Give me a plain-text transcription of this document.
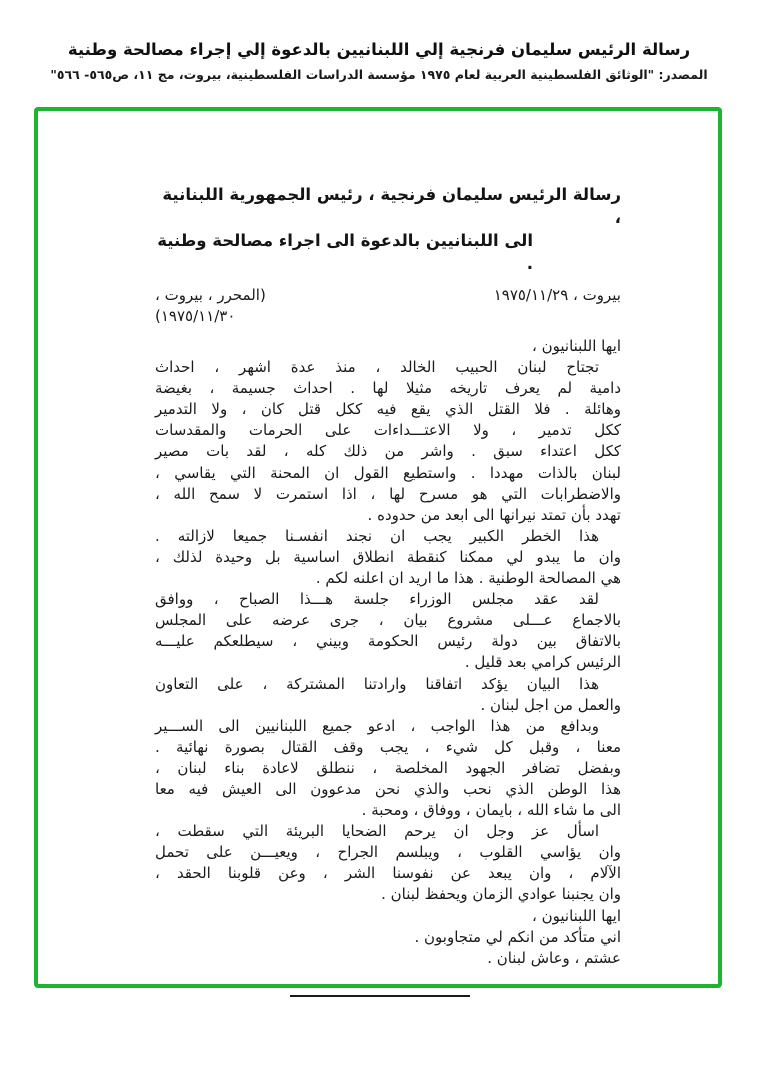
رسالة الرئيس سليمان فرنجية إلي اللبنانيين بالدعوة إلي إجراء مصالحة وطنية
المصدر: "الوثائق الفلسطينية العربية لعام ١٩٧٥ مؤسسة الدراسات الفلسطينية، بيروت، مج ١١، ص٥٦٥- ٥٦٦"
رسالة الرئيس سليمان فرنجية ، رئيس الجمهورية اللبنانية ،
الى اللبنانيين بالدعوة الى اجراء مصالحة وطنية .
بيروت ، ١٩٧٥/١١/٢٩
(المحرر ، بيروت ،
١٩٧٥/١١/٣٠)
ايها اللبنانيون ،
تجتاح لبنان الحبيب الخالد ، منذ عدة اشهر ، احداث
دامية لم يعرف تاريخه مثيلا لها . احداث جسيمة ، بغيضة
وهائلة . فلا القتل الذي يقع فيه ككل قتل كان ، ولا التدمير
ككل تدمير ، ولا الاعتـــداءات على الحرمات والمقدسات
ككل اعتداء سبق . واشر من ذلك كله ، لقد بات مصير
لبنان بالذات مهددا . واستطيع القول ان المحنة التي يقاسي ،
والاضطرابات التي هو مسرح لها ، اذا استمرت لا سمح الله ،
تهدد بأن تمتد نيرانها الى ابعد من حدوده .
هذا الخطر الكبير يجب ان نجند انفسـنا جميعا لازالته .
وان ما يبدو لي ممكنا كنقطة انطلاق اساسية بل وحيدة لذلك ،
هي المصالحة الوطنية . هذا ما اريد ان اعلنه لكم .
لقد عقد مجلس الوزراء جلسة هـــذا الصباح ، ووافق
بالاجماع عـــلى مشروع بيان ، جرى عرضه على المجلس
بالاتفاق بين دولة رئيس الحكومة وبيني ، سيطلعكم عليـــه
الرئيس كرامي بعد قليل .
هذا البيان يؤكد اتفاقنا وارادتنا المشتركة ، على التعاون
والعمل من اجل لبنان .
وبدافع من هذا الواجب ، ادعو جميع اللبنانيين الى الســـير
معنا ، وقبل كل شيء ، يجب وقف القتال بصورة نهائية .
وبفضل تضافر الجهود المخلصة ، ننطلق لاعادة بناء لبنان ،
هذا الوطن الذي نحب والذي نحن مدعوون الى العيش فيه معا
الى ما شاء الله ، بايمان ، ووفاق ، ومحبة .
اسأل عز وجل ان يرحم الضحايا البريئة التي سقطت ،
وان يؤاسي القلوب ، ويبلسم الجراح ، ويعيـــن على تحمل
الآلام ، وان يبعد عن نفوسنا الشر ، وعن قلوبنا الحقد ،
وان يجنبنا عوادي الزمان ويحفظ لبنان .
ايها اللبنانيون ،
اني متأكد من انكم لي متجاوبون .
عشتم ، وعاش لبنان .
